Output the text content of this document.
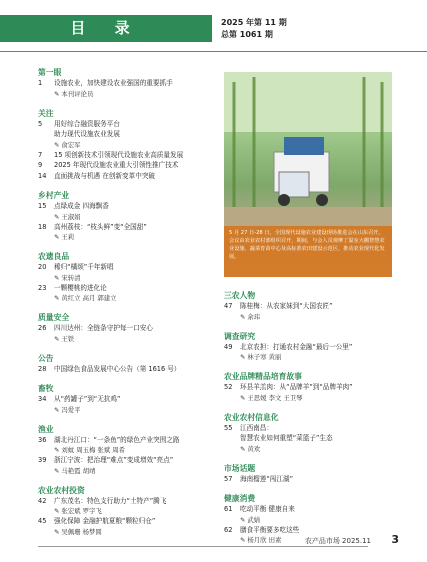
目 录	2025 年第 11 期
总第 1061 期
第一眼
1 设施农业，加快建设农业强国的重要抓手
✎ 本刊评论员
关注
5 用好综合融资服务平台
助力现代设施农业发展
✎ 俞宏军
7 15 项创新技术引领现代设施农业高质量发展
9 2025 年现代设施农业重大引领性推广技术
14 直面挑战与机遇 在创新变革中突破
乡村产业
15 点绿成金 四海飘香
✎ 王淑娟
18 高州荔枝：“枝头鲜”变“全国甜”
✎ 王莉
农遗良品
20 稀归“橘颂”千年新唱
✎ 宋转清
23 一颗樱桃的进化论
✎ 黄红立 高月 郭建立
质量安全
26 四川达州：全链条守护每一口安心
✎ 王铁
公告
28 中国绿色食品发展中心公告（第 1616 号）
畜牧
34 从“药罐子”到“无抗鸡”
✎ 冯爱平
渔业
36 湖北丹江口：“一条鱼”的绿色产业突围之路
✎ 刘蚊 周玉梅 张斌 周希
39 浙江宁波：把治理“难点”变成增效“亮点”
✎ 马艳霞 胡靖
农业农村投资
42 广东茂名：特色支行助力“土特产”腾飞
✎ 张宏斌 罗宇飞
45 强化保障 金融护航夏粮“颗粒归仓”
✎ 吴佩珊 杨梦圆
5 月 27 日-28 日，全国现代设施农业建设现场推进会在山东召开。会议由农业农村部组织召开，期间，与会人员观摩了温室大棚智慧农业设施、蔬菜育苗中心及高标准农田建设示范区，推动农业现代化发展。
三农人物
47 陈桂梅：从农家妹到“大国农匠”
✎ 余玮
调查研究
49 北京农担：打通农村金融“最后一公里”
✎ 林子寒 黄丽
农业品牌精品培育故事
52 环县羊羔肉：从“品牌羊”到“品牌羊肉”
✎ 王思媛 李文 王卫琴
农业农村信息化
55 江西南昌：
智慧农业如何重塑“菜篮子”生态
✎ 黄欢
市场话题
57 海南榴莲“闯江湖”
健康消费
61 吃动平衡 健康自来
✎ 武婧
62 膳食平衡要多吃这些
✎ 杨月欣 田素	农产品市场 2025.11 3
